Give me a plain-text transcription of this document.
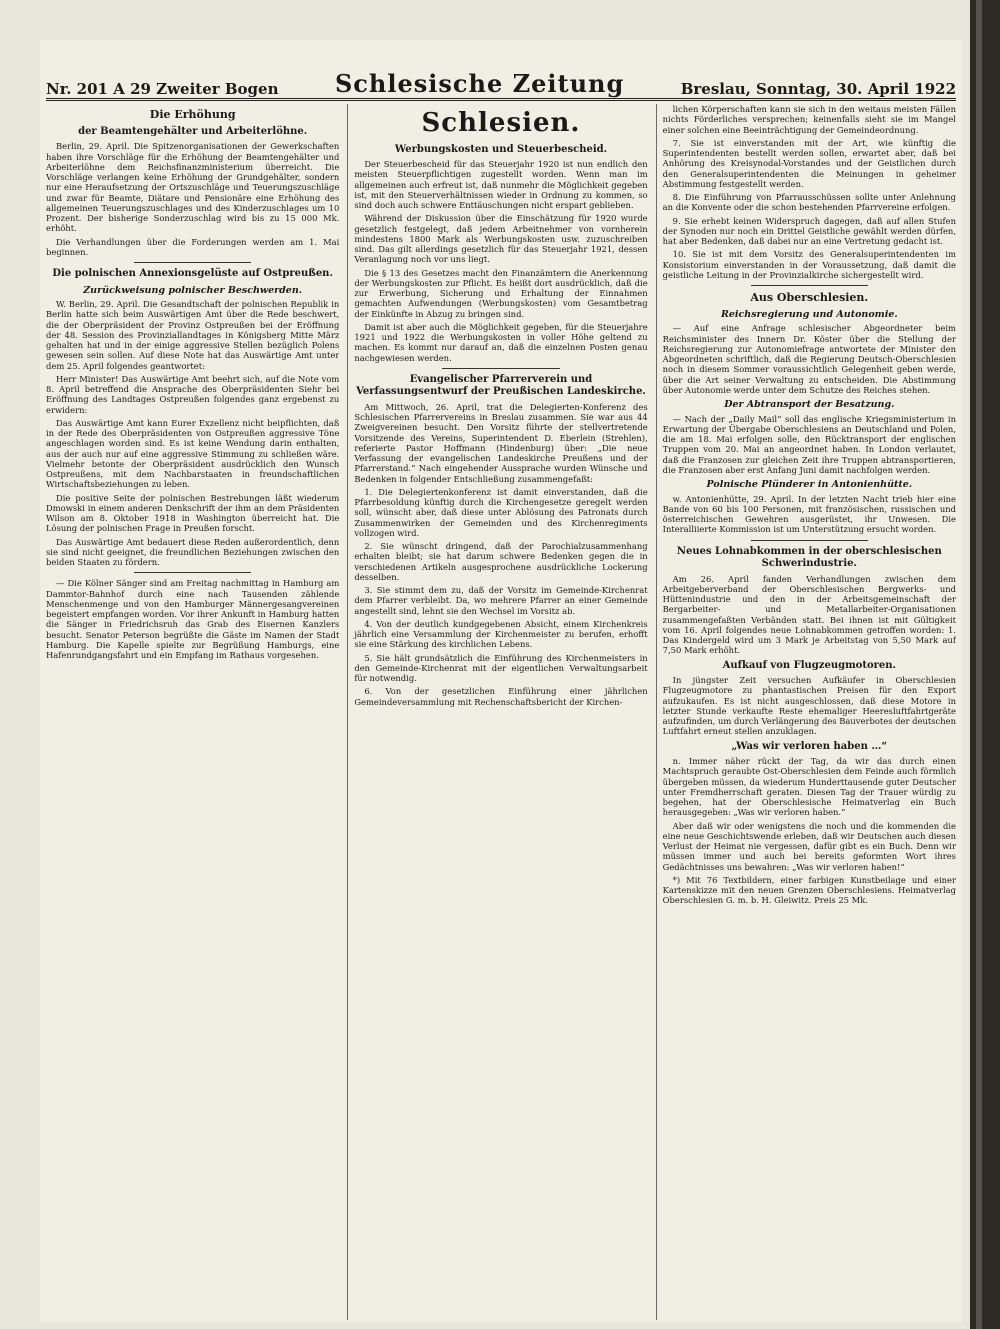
Nr. 201 A 29 Zweiter Bogen Schlesische Zeitung	Breslau, Sonntag, 30. April 1922
Die Erhöhung
der Beamtengehälter und Arbeiterlöhne.

Berlin, 29. April. Die Spitzenorganisationen der Gewerkschaften haben ihre Vorschläge für die Erhöhung der Beamtengehälter und Arbeiterlöhne dem Reichsfinanzministerium überreicht. Die Vorschläge verlangen keine Erhöhung der Grundgehälter, sondern nur eine Heraufsetzung der Ortszuschläge und Teuerungszuschläge und zwar für Beamte, Diätare und Pensionäre eine Erhöhung des allgemeinen Teuerungszuschlages und des Kinderzuschlages um 10 Prozent. Der bisherige Sonderzuschlag wird bis zu 15 000 Mk. erhöht.

Die Verhandlungen über die Forderungen werden am 1. Mai beginnen.

Die polnischen Annexionsgelüste auf Ostpreußen.
Zurückweisung polnischer Beschwerden.

W. Berlin, 29. April. Die Gesandtschaft der polnischen Republik in Berlin hatte sich beim Auswärtigen Amt über die Rede beschwert, die der Oberpräsident der Provinz Ostpreußen bei der Eröffnung der 48. Session des Provinziallandtages in Königsberg Mitte März gehalten hat und in der einige aggressive Stellen bezüglich Polens gewesen sein sollen. Auf diese Note hat das Auswärtige Amt unter dem 25. April folgendes geantwortet:

Herr Minister! Das Auswärtige Amt beehrt sich, auf die Note vom 8. April betreffend die Ansprache des Oberpräsidenten Siehr bei Eröffnung des Landtages Ostpreußen folgendes ganz ergebenst zu erwidern:

Das Auswärtige Amt kann Eurer Exzellenz nicht beipflichten, daß in der Rede des Oberpräsidenten von Ostpreußen aggressive Töne angeschlagen worden sind. Es ist keine Wendung darin enthalten, aus der auch nur auf eine aggressive Stimmung zu schließen wäre. Vielmehr betonte der Oberpräsident ausdrücklich den Wunsch Ostpreußens, mit dem Nachbarstaaten in freundschaftlichen Wirtschaftsbeziehungen zu leben.

Die positive Seite der polnischen Bestrebungen läßt wiederum Dmowski in einem anderen Denkschrift der ihm an dem Präsidenten Wilson am 8. Oktober 1918 in Washington überreicht hat. Die Lösung der polnischen Frage in Preußen forscht.

Das Auswärtige Amt bedauert diese Reden außerordentlich, denn sie sind nicht geeignet, die freundlichen Beziehungen zwischen den beiden Staaten zu fördern.

— Die Kölner Sänger sind am Freitag nachmittag in Hamburg am Dammtor-Bahnhof durch eine nach Tausenden zählende Menschenmenge und von den Hamburger Männergesangvereinen begeistert empfangen worden. Vor ihrer Ankunft in Hamburg hatten die Sänger in Friedrichsruh das Grab des Eisernen Kanzlers besucht. Senator Peterson begrüßte die Gäste im Namen der Stadt Hamburg. Die Kapelle spielte zur Begrüßung Hamburgs, eine Hafenrundgangsfahrt und ein Empfang im Rathaus vorgesehen.

Schlesien.
Werbungskosten und Steuerbescheid.

Der Steuerbescheid für das Steuerjahr 1920 ist nun endlich den meisten Steuerpflichtigen zugestellt worden. Wenn man im allgemeinen auch erfreut ist, daß nunmehr die Möglichkeit gegeben ist, mit den Steuerverhältnissen wieder in Ordnung zu kommen, so sind doch auch schwere Enttäuschungen nicht erspart geblieben.

Während der Diskussion über die Einschätzung für 1920 wurde gesetzlich festgelegt, daß jedem Arbeitnehmer von vornherein mindestens 1800 Mark als Werbungskosten usw. zuzuschreiben sind. Das gilt allerdings gesetzlich für das Steuerjahr 1921, dessen Veranlagung noch vor uns liegt.

Die § 13 des Gesetzes macht den Finanzämtern die Anerkennung der Werbungskosten zur Pflicht. Es heißt dort ausdrücklich, daß die zur Erwerbung, Sicherung und Erhaltung der Einnahmen gemachten Aufwendungen (Werbungskosten) vom Gesamtbetrag der Einkünfte in Abzug zu bringen sind.

Damit ist aber auch die Möglichkeit gegeben, für die Steuerjahre 1921 und 1922 die Werbungskosten in voller Höhe geltend zu machen. Es kommt nur darauf an, daß die einzelnen Posten genau nachgewiesen werden.

Evangelischer Pfarrerverein und Verfassungsentwurf der Preußischen Landeskirche.

Am Mittwoch, 26. April, trat die Delegierten-Konferenz des Schlesischen Pfarrervereins in Breslau zusammen. Sie war aus 44 Zweigvereinen besucht. Den Vorsitz führte der stellvertretende Vorsitzende des Vereins, Superintendent D. Eberlein (Strehlen), referierte Pastor Hoffmann (Hindenburg) über: „Die neue Verfassung der evangelischen Landeskirche Preußens und der Pfarrerstand.“ Nach eingehender Aussprache wurden Wünsche und Bedenken in folgender Entschließung zusammengefaßt:

1. Die Delegiertenkonferenz ist damit einverstanden, daß die Pfarrbesoldung künftig durch die Kirchengesetze geregelt werden soll, wünscht aber, daß diese unter Ablösung des Patronats durch Zusammenwirken der Gemeinden und des Kirchenregiments vollzogen wird.

2. Sie wünscht dringend, daß der Parochialzusammenhang erhalten bleibt; sie hat darum schwere Bedenken gegen die in verschiedenen Artikeln ausgesprochene ausdrückliche Lockerung desselben.

3. Sie stimmt dem zu, daß der Vorsitz im Gemeinde-Kirchenrat dem Pfarrer verbleibt. Da, wo mehrere Pfarrer an einer Gemeinde angestellt sind, lehnt sie den Wechsel im Vorsitz ab.

4. Von der deutlich kundgegebenen Absicht, einem Kirchenkreis jährlich eine Versammlung der Kirchenmeister zu berufen, erhofft sie eine Stärkung des kirchlichen Lebens.

5. Sie hält grundsätzlich die Einführung des Kirchenmeisters in den Gemeinde-Kirchenrat mit der eigentlichen Verwaltungsarbeit für notwendig.

6. Von der gesetzlichen Einführung einer jährlichen Gemeindeversammlung mit Rechenschaftsbericht der Kirchen-

lichen Körperschaften kann sie sich in den weitaus meisten Fällen nichts Förderliches versprechen; keinenfalls sieht sie im Mangel einer solchen eine Beeinträchtigung der Gemeindeordnung.

7. Sie ist einverstanden mit der Art, wie künftig die Superintendenten bestellt werden sollen, erwartet aber, daß bei Anhörung des Kreisynodal-Vorstandes und der Geistlichen durch den Generalsuperintendenten die Meinungen in geheimer Abstimmung festgestellt werden.

8. Die Einführung von Pfarrausschüssen sollte unter Anlehnung an die Konvente oder die schon bestehenden Pfarrvereine erfolgen.

9. Sie erhebt keinen Widerspruch dagegen, daß auf allen Stufen der Synoden nur noch ein Drittel Geistliche gewählt werden dürfen, hat aber Bedenken, daß dabei nur an eine Vertretung gedacht ist.

10. Sie ist mit dem Vorsitz des Generalsuperintendenten im Konsistorium einverstanden in der Voraussetzung, daß damit die geistliche Leitung in der Provinzialkirche sichergestellt wird.

Aus Oberschlesien.
Reichsregierung und Autonomie.

— Auf eine Anfrage schlesischer Abgeordneter beim Reichsminister des Innern Dr. Köster über die Stellung der Reichsregierung zur Autonomiefrage antwortete der Minister den Abgeordneten schriftlich, daß die Regierung Deutsch-Oberschlesien noch in diesem Sommer voraussichtlich Gelegenheit geben werde, über die Art seiner Verwaltung zu entscheiden. Die Abstimmung über Autonomie werde unter dem Schutze des Reiches stehen.

Der Abtransport der Besatzung.

— Nach der „Daily Mail“ soll das englische Kriegsministerium in Erwartung der Übergabe Oberschlesiens an Deutschland und Polen, die am 18. Mai erfolgen solle, den Rücktransport der englischen Truppen vom 20. Mai an angeordnet haben. In London verlautet, daß die Franzosen zur gleichen Zeit ihre Truppen abtransportieren, die Franzosen aber erst Anfang Juni damit nachfolgen werden.

Polnische Plünderer in Antonienhütte.

w. Antonienhütte, 29. April. In der letzten Nacht trieb hier eine Bande von 60 bis 100 Personen, mit französischen, russischen und österreichischen Gewehren ausgerüstet, ihr Unwesen. Die Interalliierte Kommission ist um Unterstützung ersucht worden.

Neues Lohnabkommen in der oberschlesischen Schwerindustrie.

Am 26. April fanden Verhandlungen zwischen dem Arbeitgeberverband der Oberschlesischen Bergwerks- und Hüttenindustrie und den in der Arbeitsgemeinschaft der Bergarbeiter- und Metallarbeiter-Organisationen zusammengefaßten Verbänden statt. Bei ihnen ist mit Gültigkeit vom 16. April folgendes neue Lohnabkommen getroffen worden: 1. Das Kindergeld wird um 3 Mark je Arbeitstag von 5,50 Mark auf 7,50 Mark erhöht.

Aufkauf von Flugzeugmotoren.

In jüngster Zeit versuchen Aufkäufer in Oberschlesien Flugzeugmotore zu phantastischen Preisen für den Export aufzukaufen. Es ist nicht ausgeschlossen, daß diese Motore in letzter Stunde verkaufte Reste ehemaliger Heeresluftfahrtgeräte aufzufinden, um durch Verlängerung des Bauverbotes der deutschen Luftfahrt erneut stellen anzuklagen.

„Was wir verloren haben …“

n. Immer näher rückt der Tag, da wir das durch einen Machtspruch geraubte Ost-Oberschlesien dem Feinde auch förmlich übergeben müssen, da wiederum Hunderttausende guter Deutscher unter Fremdherrschaft geraten. Diesen Tag der Trauer würdig zu begehen, hat der Oberschlesische Heimatverlag ein Buch herausgegeben: „Was wir verloren haben.“

Aber daß wir oder wenigstens die noch und die kommenden die eine neue Geschichtswende erleben, daß wir Deutschen auch diesen Verlust der Heimat nie vergessen, dafür gibt es ein Buch. Denn wir müssen immer und auch bei bereits geformten Wort ihres Gedächtnisses uns bewahren: „Was wir verloren haben!“

*) Mit 76 Textbildern, einer farbigen Kunstbeilage und einer Kartenskizze mit den neuen Grenzen Oberschlesiens. Heimatverlag Oberschlesien G. m. b. H. Gleiwitz. Preis 25 Mk.
